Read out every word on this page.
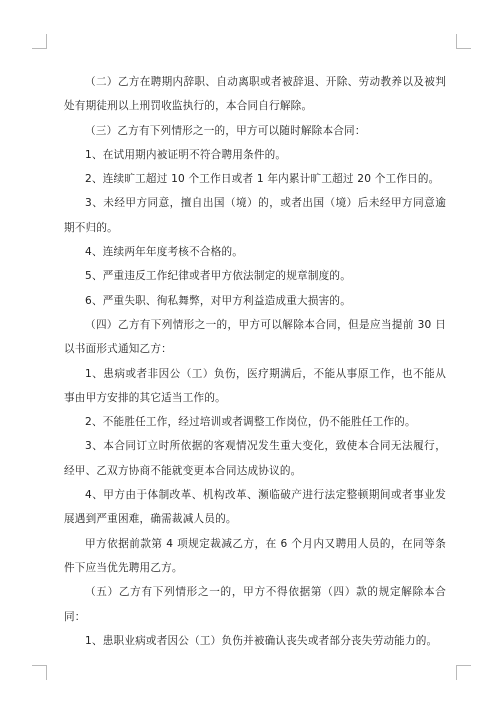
（二）乙方在聘期内辞职、自动离职或者被辞退、开除、劳动教养以及被判处有期徒刑以上刑罚收监执行的，本合同自行解除。

（三）乙方有下列情形之一的，甲方可以随时解除本合同：

1、在试用期内被证明不符合聘用条件的。

2、连续旷工超过 10 个工作日或者 1 年内累计旷工超过 20 个工作日的。

3、未经甲方同意，擅自出国（境）的，或者出国（境）后未经甲方同意逾期不归的。

4、连续两年年度考核不合格的。

5、严重违反工作纪律或者甲方依法制定的规章制度的。

6、严重失职、徇私舞弊，对甲方利益造成重大损害的。

（四）乙方有下列情形之一的，甲方可以解除本合同，但是应当提前 30 日以书面形式通知乙方：

1、患病或者非因公（工）负伤，医疗期满后，不能从事原工作，也不能从事由甲方安排的其它适当工作的。

2、不能胜任工作，经过培训或者调整工作岗位，仍不能胜任工作的。

3、本合同订立时所依据的客观情况发生重大变化，致使本合同无法履行，经甲、乙双方协商不能就变更本合同达成协议的。

4、甲方由于体制改革、机构改革、濒临破产进行法定整顿期间或者事业发展遇到严重困难，确需裁减人员的。

甲方依据前款第 4 项规定裁减乙方，在 6 个月内又聘用人员的，在同等条件下应当优先聘用乙方。

（五）乙方有下列情形之一的，甲方不得依据第（四）款的规定解除本合同：

1、患职业病或者因公（工）负伤并被确认丧失或者部分丧失劳动能力的。
